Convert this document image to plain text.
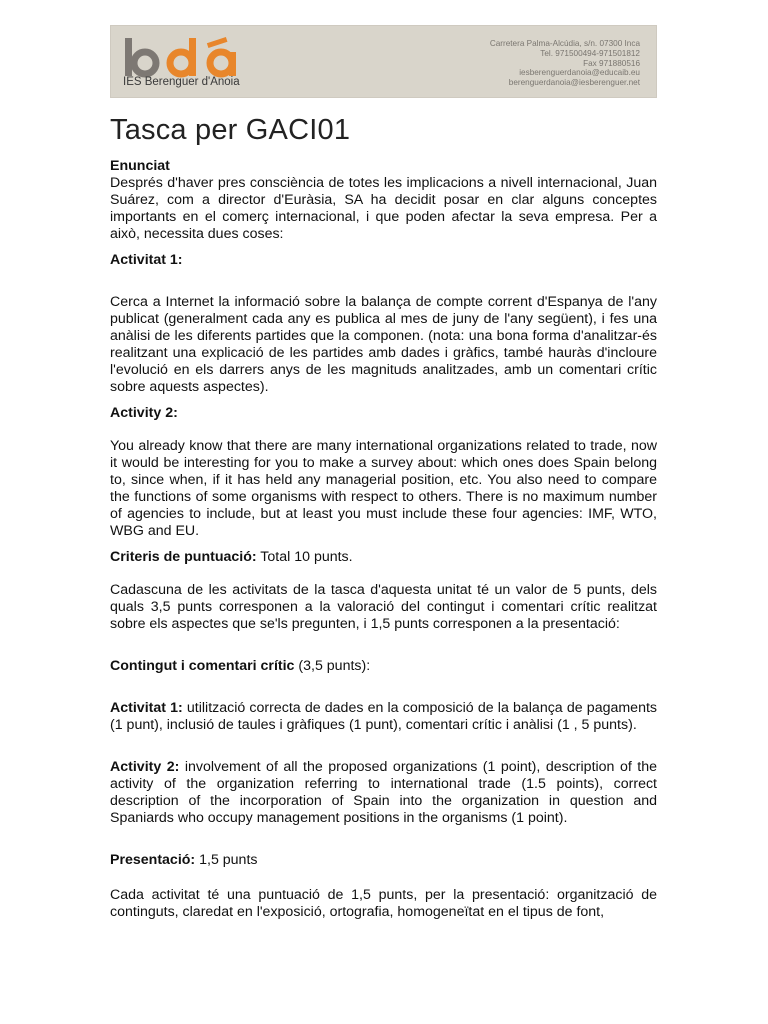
IES Berenguer d'Anoia
Carretera Palma-Alcúdia, s/n. 07300 Inca
Tel. 971500494-971501812
Fax 971880516
iesberenguerdanoia@educaib.eu
berenguerdanoia@iesberenguer.net
Tasca per GACI01

Enunciat

Després d'haver pres consciència de totes les implicacions a nivell internacional, Juan Suárez, com a director d'Euràsia, SA ha decidit posar en clar alguns conceptes importants en el comerç internacional, i que poden afectar la seva empresa. Per a això, necessita dues coses:

Activitat 1:

Cerca a Internet la informació sobre la balança de compte corrent d'Espanya de l'any publicat (generalment cada any es publica al mes de juny de l'any següent), i fes una anàlisi de les diferents partides que la componen. (nota: una bona forma d'analitzar-és realitzant una explicació de les partides amb dades i gràfics, també hauràs d'incloure l'evolució en els darrers anys de les magnituds analitzades, amb un comentari crític sobre aquests aspectes).

Activity 2:

You already know that there are many international organizations related to trade, now it would be interesting for you to make a survey about: which ones does Spain belong to, since when, if it has held any managerial position, etc. You also need to compare the functions of some organisms with respect to others. There is no maximum number of agencies to include, but at least you must include these four agencies: IMF, WTO, WBG and EU.

Criteris de puntuació: Total 10 punts.

Cadascuna de les activitats de la tasca d'aquesta unitat té un valor de 5 punts, dels quals 3,5 punts corresponen a la valoració del contingut i comentari crític realitzat sobre els aspectes que se'ls pregunten, i 1,5 punts corresponen a la presentació:

Contingut i comentari crític (3,5 punts):

Activitat 1: utilització correcta de dades en la composició de la balança de pagaments (1 punt), inclusió de taules i gràfiques (1 punt), comentari crític i anàlisi (1 , 5 punts).

Activity 2: involvement of all the proposed organizations (1 point), description of the activity of the organization referring to international trade (1.5 points), correct description of the incorporation of Spain into the organization in question and Spaniards who occupy management positions in the organisms (1 point).

Presentació: 1,5 punts

Cada activitat té una puntuació de 1,5 punts, per la presentació: organització de continguts, claredat en l'exposició, ortografia, homogeneïtat en el tipus de font,
